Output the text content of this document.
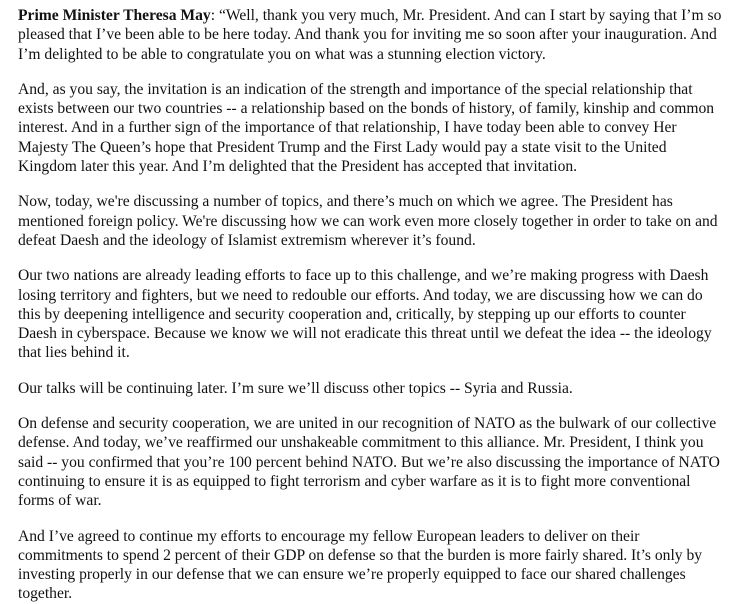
Prime Minister Theresa May: “Well, thank you very much, Mr. President. And can I start by saying that I’m so pleased that I’ve been able to be here today. And thank you for inviting me so soon after your inauguration. And I’m delighted to be able to congratulate you on what was a stunning election victory.

And, as you say, the invitation is an indication of the strength and importance of the special relationship that exists between our two countries -- a relationship based on the bonds of history, of family, kinship and common interest. And in a further sign of the importance of that relationship, I have today been able to convey Her Majesty The Queen’s hope that President Trump and the First Lady would pay a state visit to the United Kingdom later this year. And I’m delighted that the President has accepted that invitation.

Now, today, we're discussing a number of topics, and there’s much on which we agree. The President has mentioned foreign policy. We're discussing how we can work even more closely together in order to take on and defeat Daesh and the ideology of Islamist extremism wherever it’s found.

Our two nations are already leading efforts to face up to this challenge, and we’re making progress with Daesh losing territory and fighters, but we need to redouble our efforts. And today, we are discussing how we can do this by deepening intelligence and security cooperation and, critically, by stepping up our efforts to counter Daesh in cyberspace. Because we know we will not eradicate this threat until we defeat the idea -- the ideology that lies behind it.

Our talks will be continuing later. I’m sure we’ll discuss other topics -- Syria and Russia.

On defense and security cooperation, we are united in our recognition of NATO as the bulwark of our collective defense. And today, we’ve reaffirmed our unshakeable commitment to this alliance. Mr. President, I think you said -- you confirmed that you’re 100 percent behind NATO. But we’re also discussing the importance of NATO continuing to ensure it is as equipped to fight terrorism and cyber warfare as it is to fight more conventional forms of war.

And I’ve agreed to continue my efforts to encourage my fellow European leaders to deliver on their commitments to spend 2 percent of their GDP on defense so that the burden is more fairly shared. It’s only by investing properly in our defense that we can ensure we’re properly equipped to face our shared challenges together.
